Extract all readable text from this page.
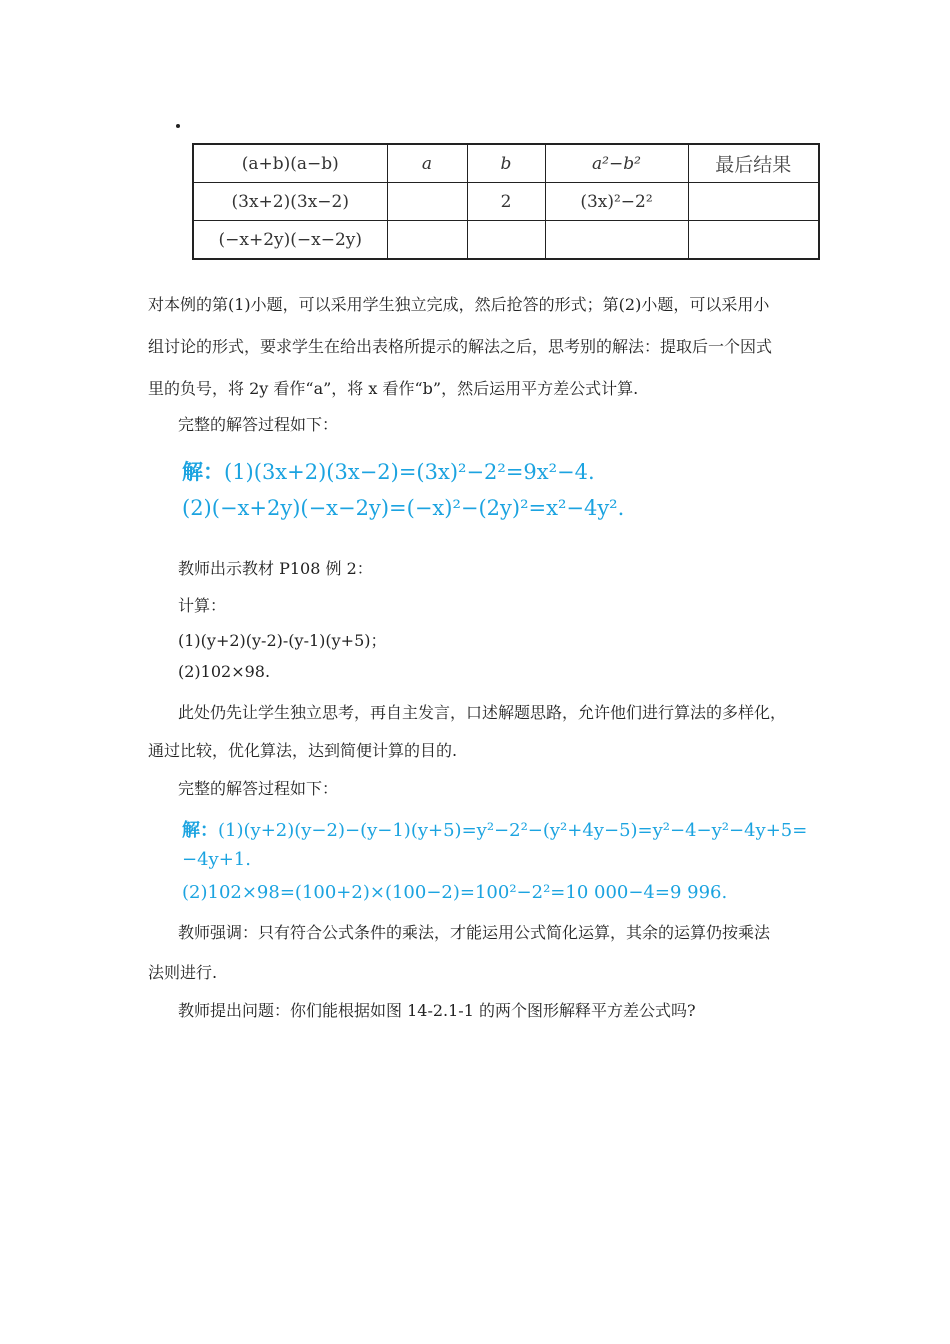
(a+b)(a−b)	a	b	a²−b²	最后结果
(3x+2)(3x−2)		2	(3x)²−2²	
(−x+2y)(−x−2y)				
对本例的第(1)小题，可以采用学生独立完成，然后抢答的形式；第(2)小题，可以采用小
组讨论的形式，要求学生在给出表格所提示的解法之后，思考别的解法：提取后一个因式
里的负号，将 2y 看作“a”，将 x 看作“b”，然后运用平方差公式计算.
完整的解答过程如下：
解：(1)(3x+2)(3x−2)=(3x)²−2²=9x²−4.
(2)(−x+2y)(−x−2y)=(−x)²−(2y)²=x²−4y².
教师出示教材 P108 例 2：
计算：
(1)(y+2)(y-2)-(y-1)(y+5)；
(2)102×98.
此处仍先让学生独立思考，再自主发言，口述解题思路，允许他们进行算法的多样化，
通过比较，优化算法，达到简便计算的目的.
完整的解答过程如下：
解：(1)(y+2)(y−2)−(y−1)(y+5)=y²−2²−(y²+4y−5)=y²−4−y²−4y+5=
−4y+1.
(2)102×98=(100+2)×(100−2)=100²−2²=10 000−4=9 996.
教师强调：只有符合公式条件的乘法，才能运用公式简化运算，其余的运算仍按乘法
法则进行.
教师提出问题：你们能根据如图 14-2.1-1 的两个图形解释平方差公式吗?
